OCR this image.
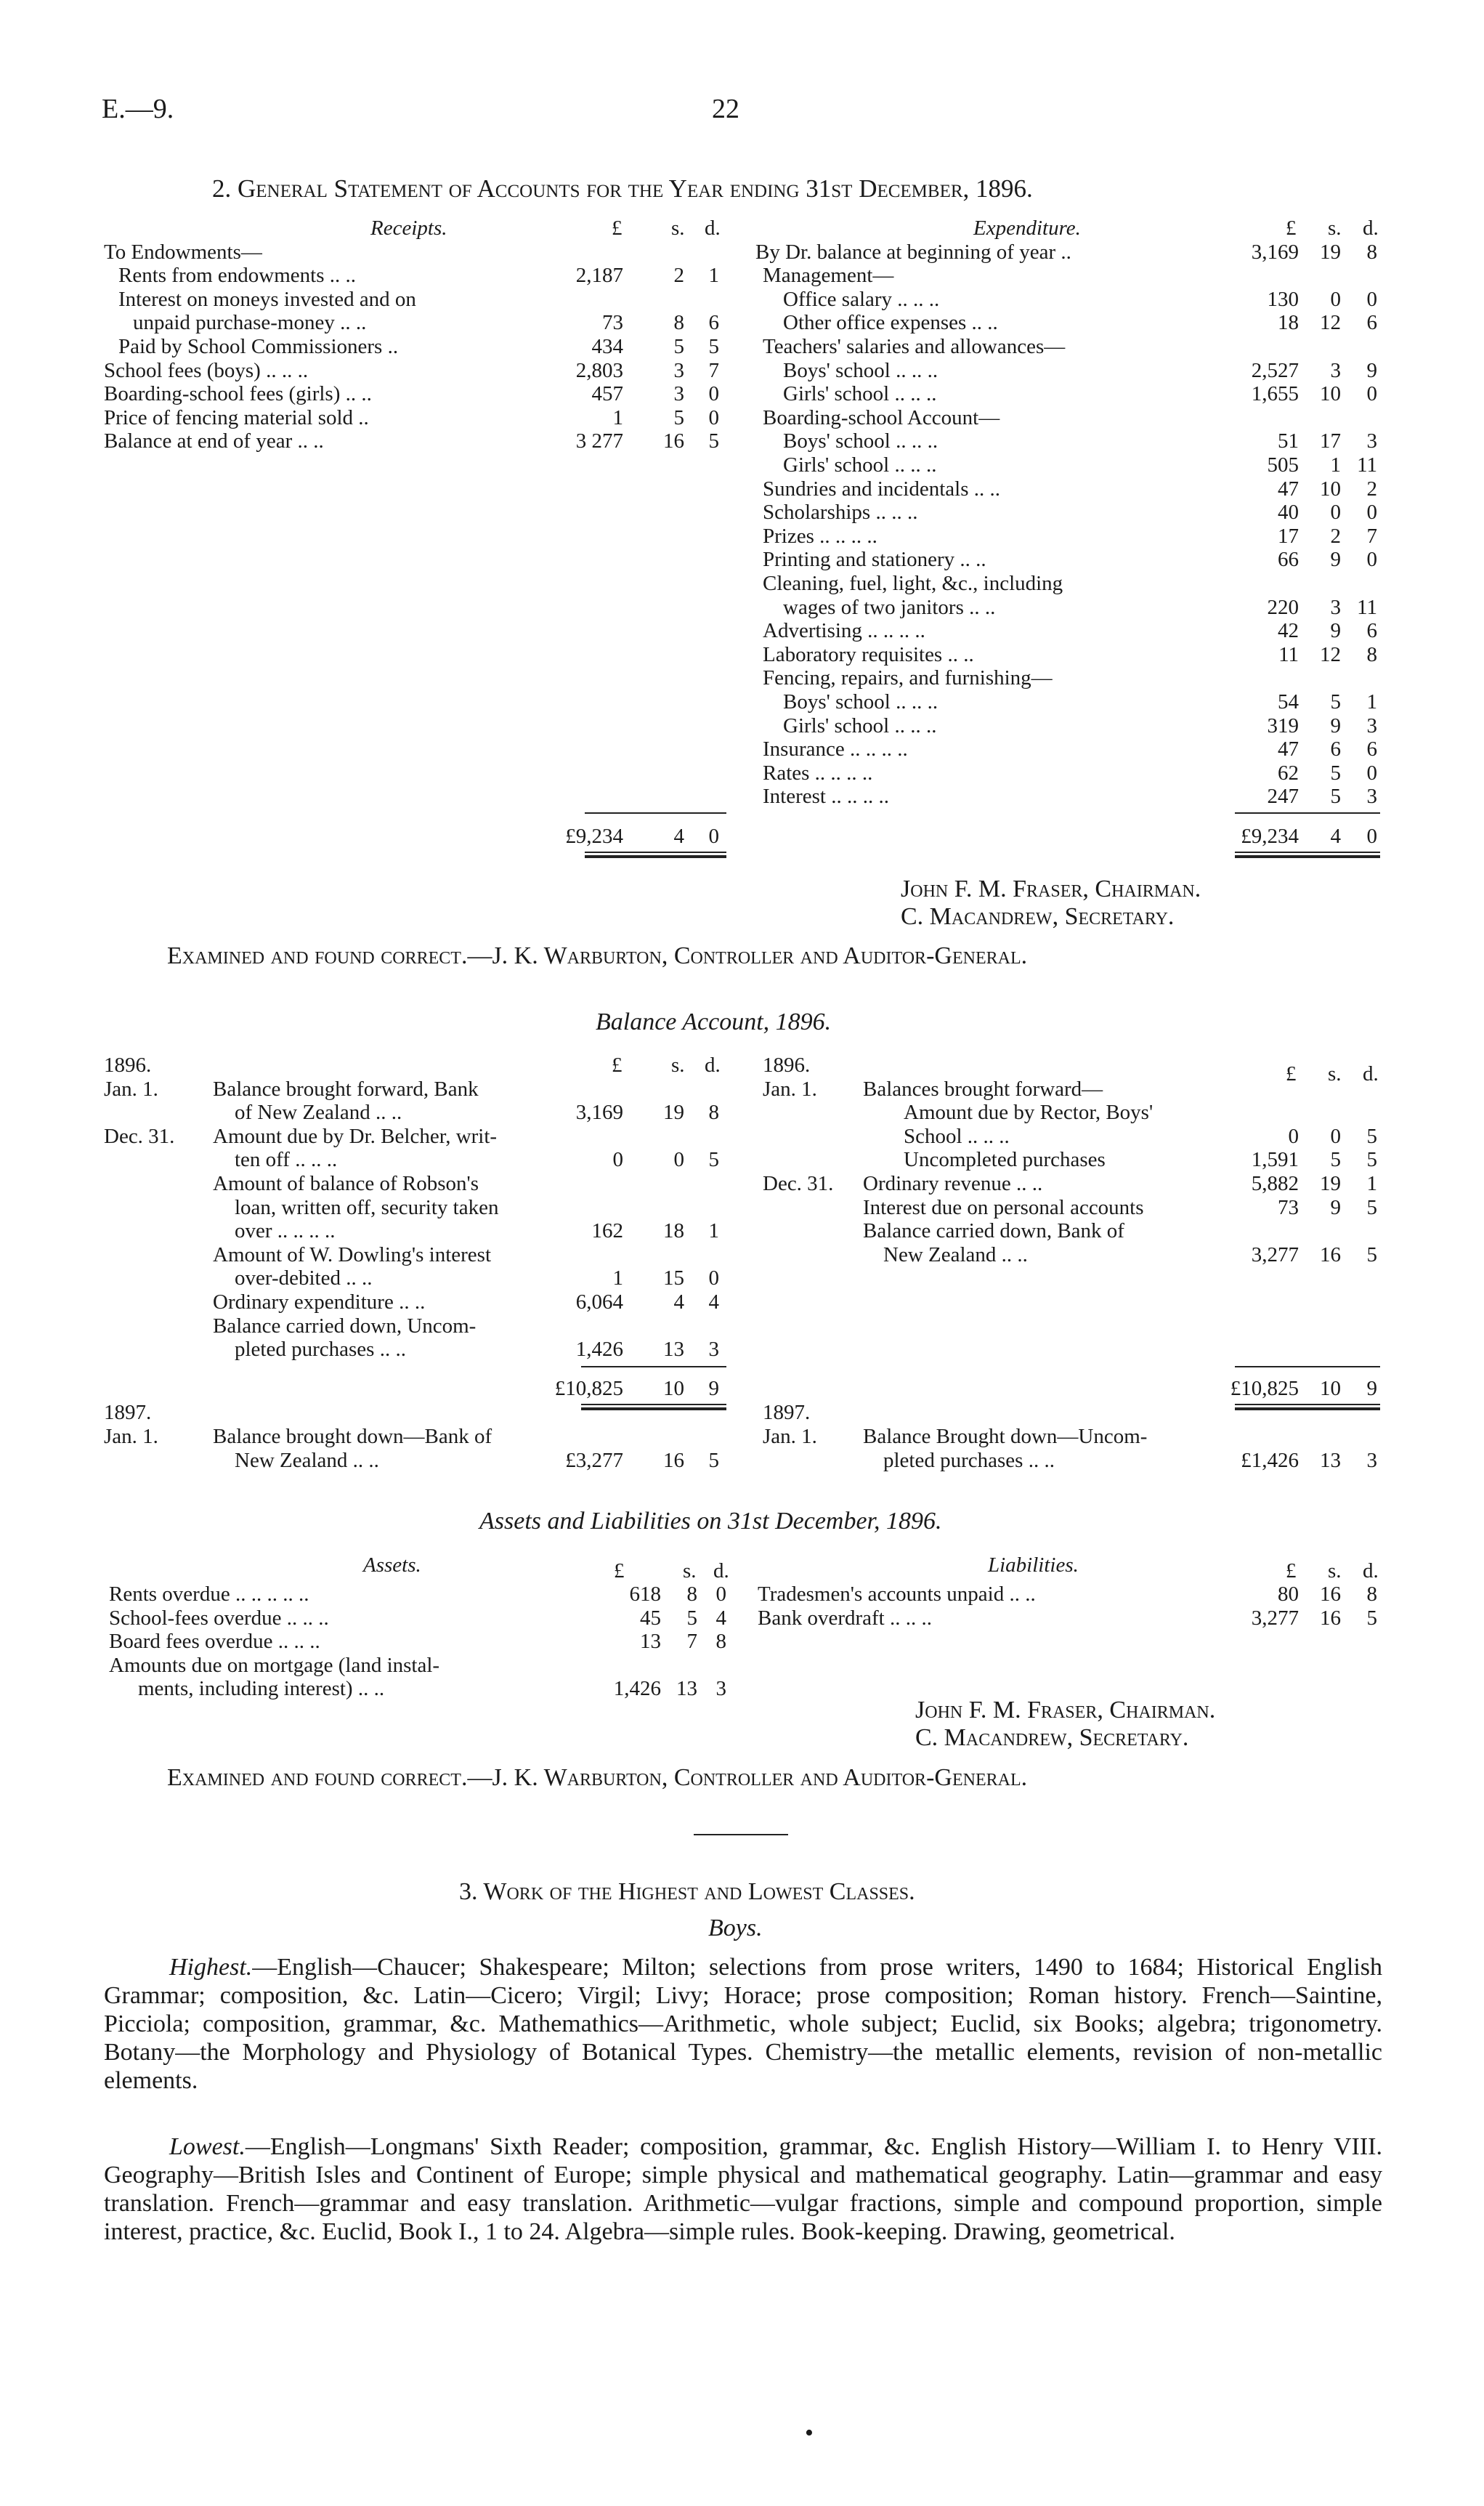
E.—9.	22
2. General Statement of Accounts for the Year ending 31st December, 1896.
Receipts.	£ s. d.	Expenditure.	£ s. d.
To Endowments—
Rents from endowments .. ..	2,187	2	1
Interest on moneys invested and on
unpaid purchase-money .. ..	73	8	6
Paid by School Commissioners ..	434	5	5
School fees (boys) .. .. ..	2,803	3	7
Boarding-school fees (girls) .. ..	457	3	0
Price of fencing material sold ..	1	5	0
Balance at end of year .. ..	3 277	16	5
By Dr. balance at beginning of year ..	3,169	19	8
Management—
Office salary .. .. ..	130	0	0
Other office expenses .. ..	18	12	6
Teachers' salaries and allowances—
Boys' school .. .. ..	2,527	3	9
Girls' school .. .. ..	1,655	10	0
Boarding-school Account—
Boys' school .. .. ..	51	17	3
Girls' school .. .. ..	505	1 11
Sundries and incidentals .. ..	47	10	2
Scholarships .. .. ..	40	0	0
Prizes .. .. .. ..	17	2	7
Printing and stationery .. ..	66	9	0
Cleaning, fuel, light, &c., including
wages of two janitors .. ..	220	3 11
Advertising .. .. .. ..	42	9	6
Laboratory requisites .. ..	11	12	8
Fencing, repairs, and furnishing—
Boys' school .. .. ..	54	5	1
Girls' school .. .. ..	319	9	3
Insurance .. .. .. ..	47	6	6
Rates .. .. .. ..	62	5	0
Interest .. .. .. ..	247	5	3
£9,234	4	0	£9,234	4	0
John F. M. Fraser, Chairman.
C. Macandrew, Secretary.
Examined and found correct.—J. K. Warburton, Controller and Auditor-General.
Balance Account, 1896.
£ s. d.	£ s. d.
1896.
Jan. 1.	Balance brought forward, Bank
of New Zealand .. ..	3,169	19	8
Dec. 31. Amount due by Dr. Belcher, writ-
ten off .. .. ..	0	0	5
Amount of balance of Robson's
loan, written off, security taken
over .. .. .. ..	162	18	1
Amount of W. Dowling's interest
over-debited .. ..	1	15	0
Ordinary expenditure .. ..	6,064	4	4
Balance carried down, Uncom-
pleted purchases .. ..	1,426	13	3
1896.
Jan. 1. Balances brought forward—
Amount due by Rector, Boys'
School .. .. ..	0	0	5
Uncompleted purchases	1,591	5	5
Dec. 31. Ordinary revenue .. ..	5,882	19	1
Interest due on personal accounts	73	9	5
Balance carried down, Bank of
New Zealand .. ..	3,277	16	5
£10,825	10	9	£10,825	10	9
1897.
Jan. 1.	Balance brought down—Bank of
New Zealand .. ..	£3,277	16	5
1897.
Jan. 1. Balance Brought down—Uncom-
pleted purchases .. ..	£1,426	13	3
Assets and Liabilities on 31st December, 1896.
Assets.	£	s. d.	Liabilities.	£ s. d.
Rents overdue .. .. .. .. ..	618	8 0
School-fees overdue .. .. ..	45	5 4
Board fees overdue .. .. ..	13	7 8
Amounts due on mortgage (land instal-
ments, including interest) .. ..	1,426 13 3
Tradesmen's accounts unpaid .. ..	80	16	8
Bank overdraft .. .. ..	3,277	16	5
John F. M. Fraser, Chairman.
C. Macandrew, Secretary.
Examined and found correct.—J. K. Warburton, Controller and Auditor-General.
3. Work of the Highest and Lowest Classes.
Boys.
Highest.—English—Chaucer; Shakespeare; Milton; selections from prose writers, 1490 to 1684; Historical English Grammar; composition, &c. Latin—Cicero; Virgil; Livy; Horace; prose composition; Roman history. French—Saintine, Picciola; composition, grammar, &c. Mathemathics—Arithmetic, whole subject; Euclid, six Books; algebra; trigonometry. Botany—the Morphology and Physiology of Botanical Types. Chemistry—the metallic elements, revision of non-metallic elements.
Lowest.—English—Longmans' Sixth Reader; composition, grammar, &c. English History—William I. to Henry VIII. Geography—British Isles and Continent of Europe; simple physical and mathematical geography. Latin—grammar and easy translation. French—grammar and easy translation. Arithmetic—vulgar fractions, simple and compound proportion, simple interest, practice, &c. Euclid, Book I., 1 to 24. Algebra—simple rules. Book-keeping. Drawing, geometrical.
•
